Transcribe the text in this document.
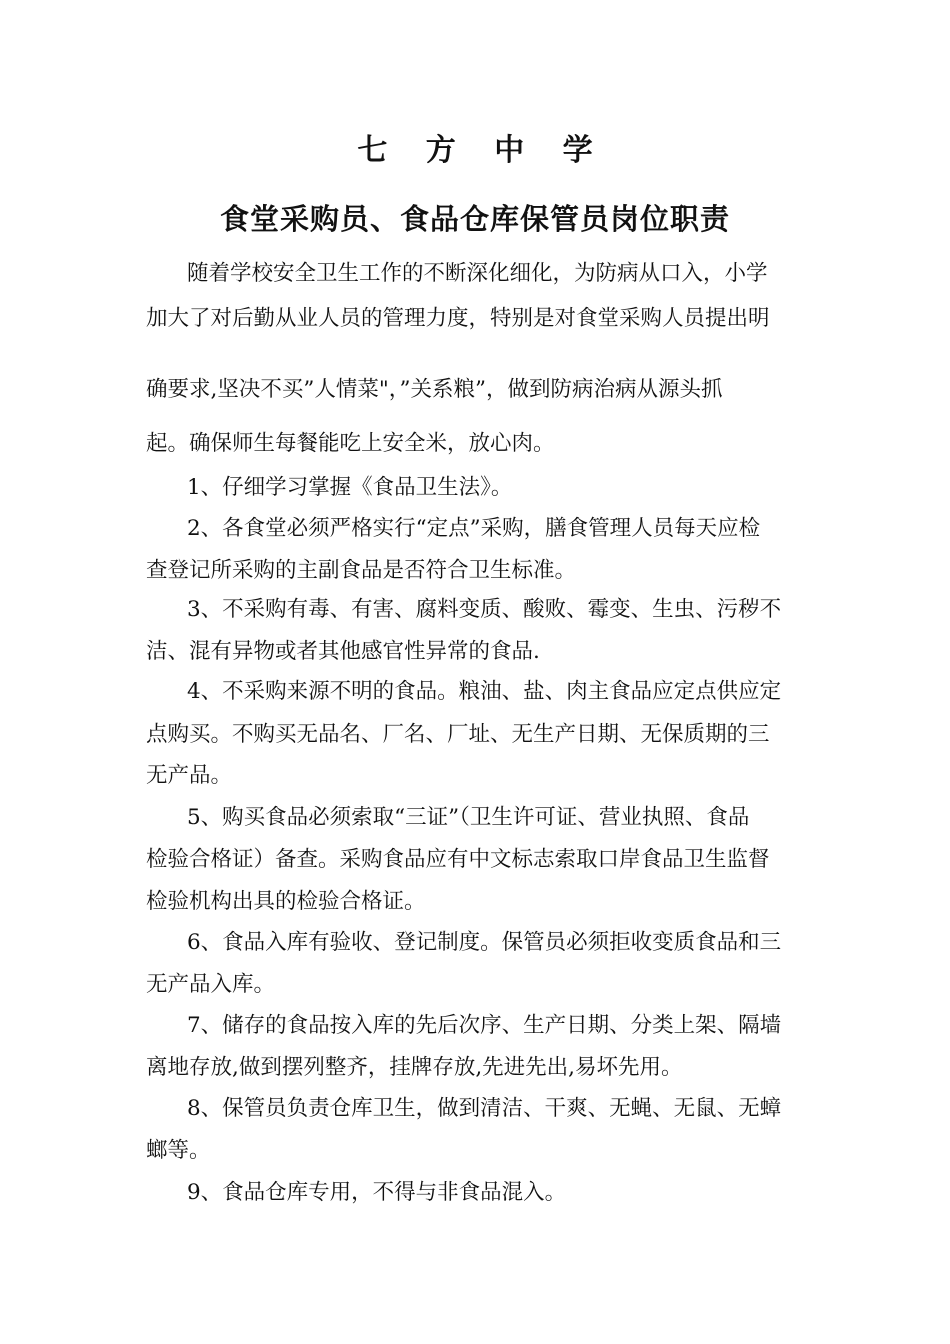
七 方 中 学
食堂采购员、食品仓库保管员岗位职责
随着学校安全卫生工作的不断深化细化，为防病从口入，小学
加大了对后勤从业人员的管理力度，特别是对食堂采购人员提出明
确要求,坚决不买”人情菜"，”关系粮”，做到防病治病从源头抓
起。确保师生每餐能吃上安全米，放心肉。
1、仔细学习掌握《食品卫生法》。
2、各食堂必须严格实行“定点”采购，膳食管理人员每天应检
查登记所采购的主副食品是否符合卫生标准。
3、不采购有毒、有害、腐料变质、酸败、霉变、生虫、污秽不
洁、混有异物或者其他感官性异常的食品.
4、不采购来源不明的食品。粮油、盐、肉主食品应定点供应定
点购买。不购买无品名、厂名、厂址、无生产日期、无保质期的三
无产品。
5、购买食品必须索取“三证”（卫生许可证、营业执照、食品
检验合格证）备查。采购食品应有中文标志索取口岸食品卫生监督
检验机构出具的检验合格证。
6、食品入库有验收、登记制度。保管员必须拒收变质食品和三
无产品入库。
7、储存的食品按入库的先后次序、生产日期、分类上架、隔墙
离地存放,做到摆列整齐，挂牌存放,先进先出,易坏先用。
8、保管员负责仓库卫生，做到清洁、干爽、无蝇、无鼠、无蟑
螂等。
9、食品仓库专用，不得与非食品混入。
